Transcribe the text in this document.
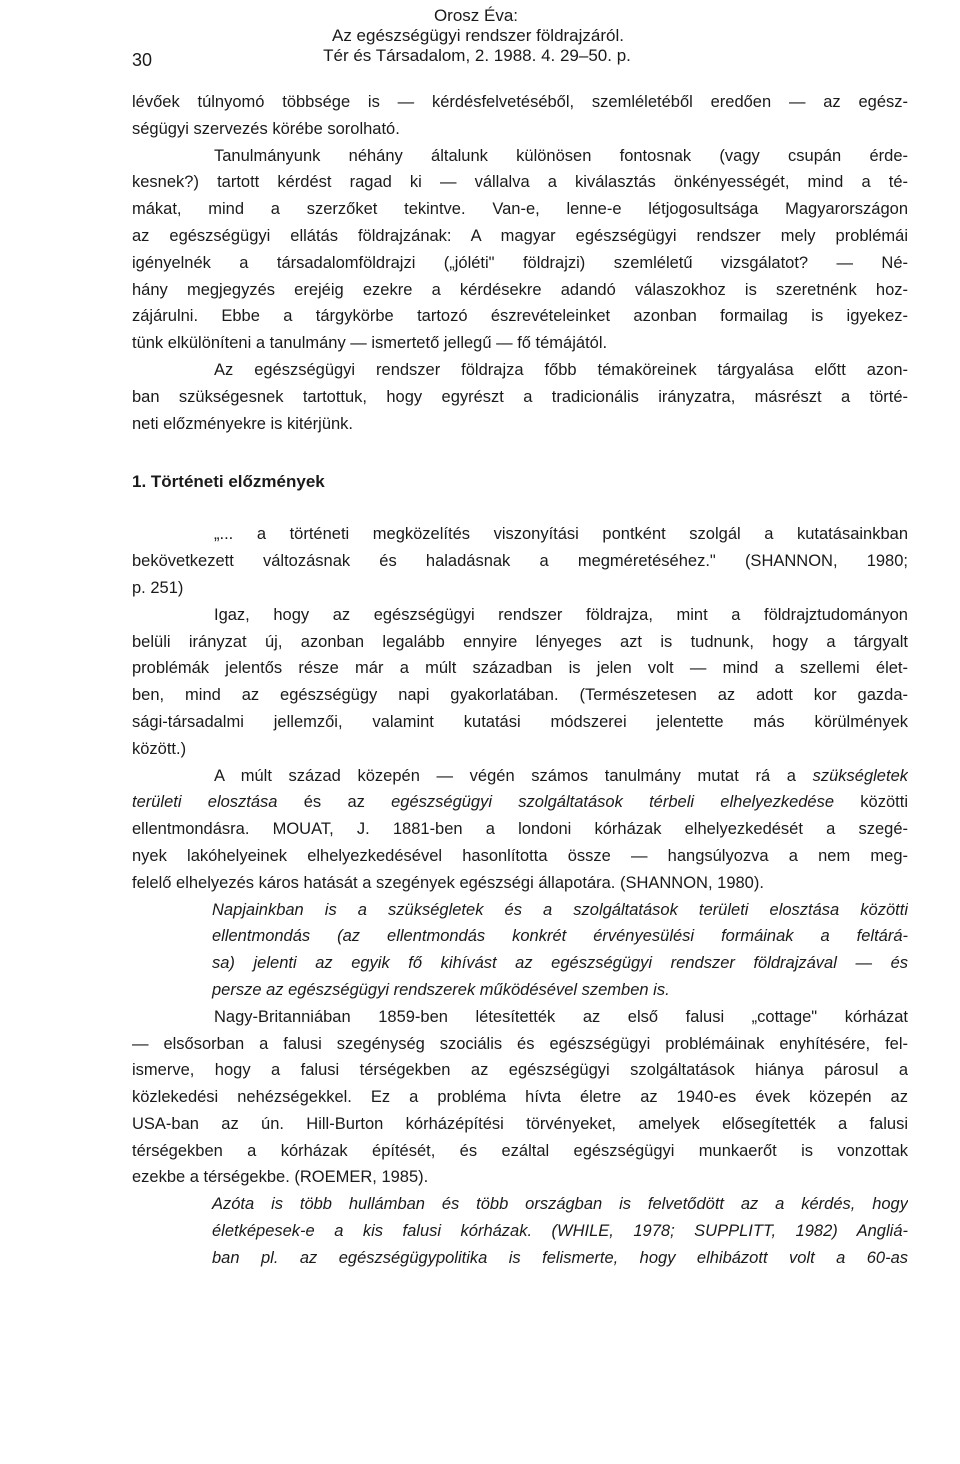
Orosz Éva:
Az egészségügyi rendszer földrajzáról.
Tér és Társadalom, 2. 1988. 4. 29–50. p.
30
lévőek túlnyomó többsége is — kérdésfelvetéséből, szemléletéből eredően — az egész-
ségügyi szervezés körébe sorolható.
Tanulmányunk néhány általunk különösen fontosnak (vagy csupán érde-
kesnek?) tartott kérdést ragad ki — vállalva a kiválasztás önkényességét, mind a té-
mákat, mind a szerzőket tekintve. Van-e, lenne-e létjogosultsága Magyarországon
az egészségügyi ellátás földrajzának: A magyar egészségügyi rendszer mely problémái
igényelnék a társadalomföldrajzi („jóléti" földrajzi) szemléletű vizsgálatot? — Né-
hány megjegyzés erejéig ezekre a kérdésekre adandó válaszokhoz is szeretnénk hoz-
zájárulni. Ebbe a tárgykörbe tartozó észrevételeinket azonban formailag is igyekez-
tünk elkülöníteni a tanulmány — ismertető jellegű — fő témájától.
Az egészségügyi rendszer földrajza főbb témaköreinek tárgyalása előtt azon-
ban szükségesnek tartottuk, hogy egyrészt a tradicionális irányzatra, másrészt a törté-
neti előzményekre is kitérjünk.
1. Történeti előzmények
„... a történeti megközelítés viszonyítási pontként szolgál a kutatásainkban
bekövetkezett változásnak és haladásnak a megméretéséhez." (SHANNON, 1980;
p. 251)
Igaz, hogy az egészségügyi rendszer földrajza, mint a földrajztudományon
belüli irányzat új, azonban legalább ennyire lényeges azt is tudnunk, hogy a tárgyalt
problémák jelentős része már a múlt században is jelen volt — mind a szellemi élet-
ben, mind az egészségügy napi gyakorlatában. (Természetesen az adott kor gazda-
sági-társadalmi jellemzői, valamint kutatási módszerei jelentette más körülmények
között.)
A múlt század közepén — végén számos tanulmány mutat rá a szükségletek
területi elosztása és az egészségügyi szolgáltatások térbeli elhelyezkedése közötti
ellentmondásra. MOUAT, J. 1881-ben a londoni kórházak elhelyezkedését a szegé-
nyek lakóhelyeinek elhelyezkedésével hasonlította össze — hangsúlyozva a nem meg-
felelő elhelyezés káros hatását a szegények egészségi állapotára. (SHANNON, 1980).
Napjainkban is a szükségletek és a szolgáltatások területi elosztása közötti
ellentmondás (az ellentmondás konkrét érvényesülési formáinak a feltárá-
sa) jelenti az egyik fő kihívást az egészségügyi rendszer földrajzával — és
persze az egészségügyi rendszerek működésével szemben is.
Nagy-Britanniában 1859-ben létesítették az első falusi „cottage" kórházat
— elsősorban a falusi szegénység szociális és egészségügyi problémáinak enyhítésére, fel-
ismerve, hogy a falusi térségekben az egészségügyi szolgáltatások hiánya párosul a
közlekedési nehézségekkel. Ez a probléma hívta életre az 1940-es évek közepén az
USA-ban az ún. Hill-Burton kórházépítési törvényeket, amelyek elősegítették a falusi
térségekben a kórházak építését, és ezáltal egészségügyi munkaerőt is vonzottak
ezekbe a térségekbe. (ROEMER, 1985).
Azóta is több hullámban és több országban is felvetődött az a kérdés, hogy
életképesek-e a kis falusi kórházak. (WHILE, 1978; SUPPLITT, 1982) Angliá-
ban pl. az egészségügypolitika is felismerte, hogy elhibázott volt a 60-as
